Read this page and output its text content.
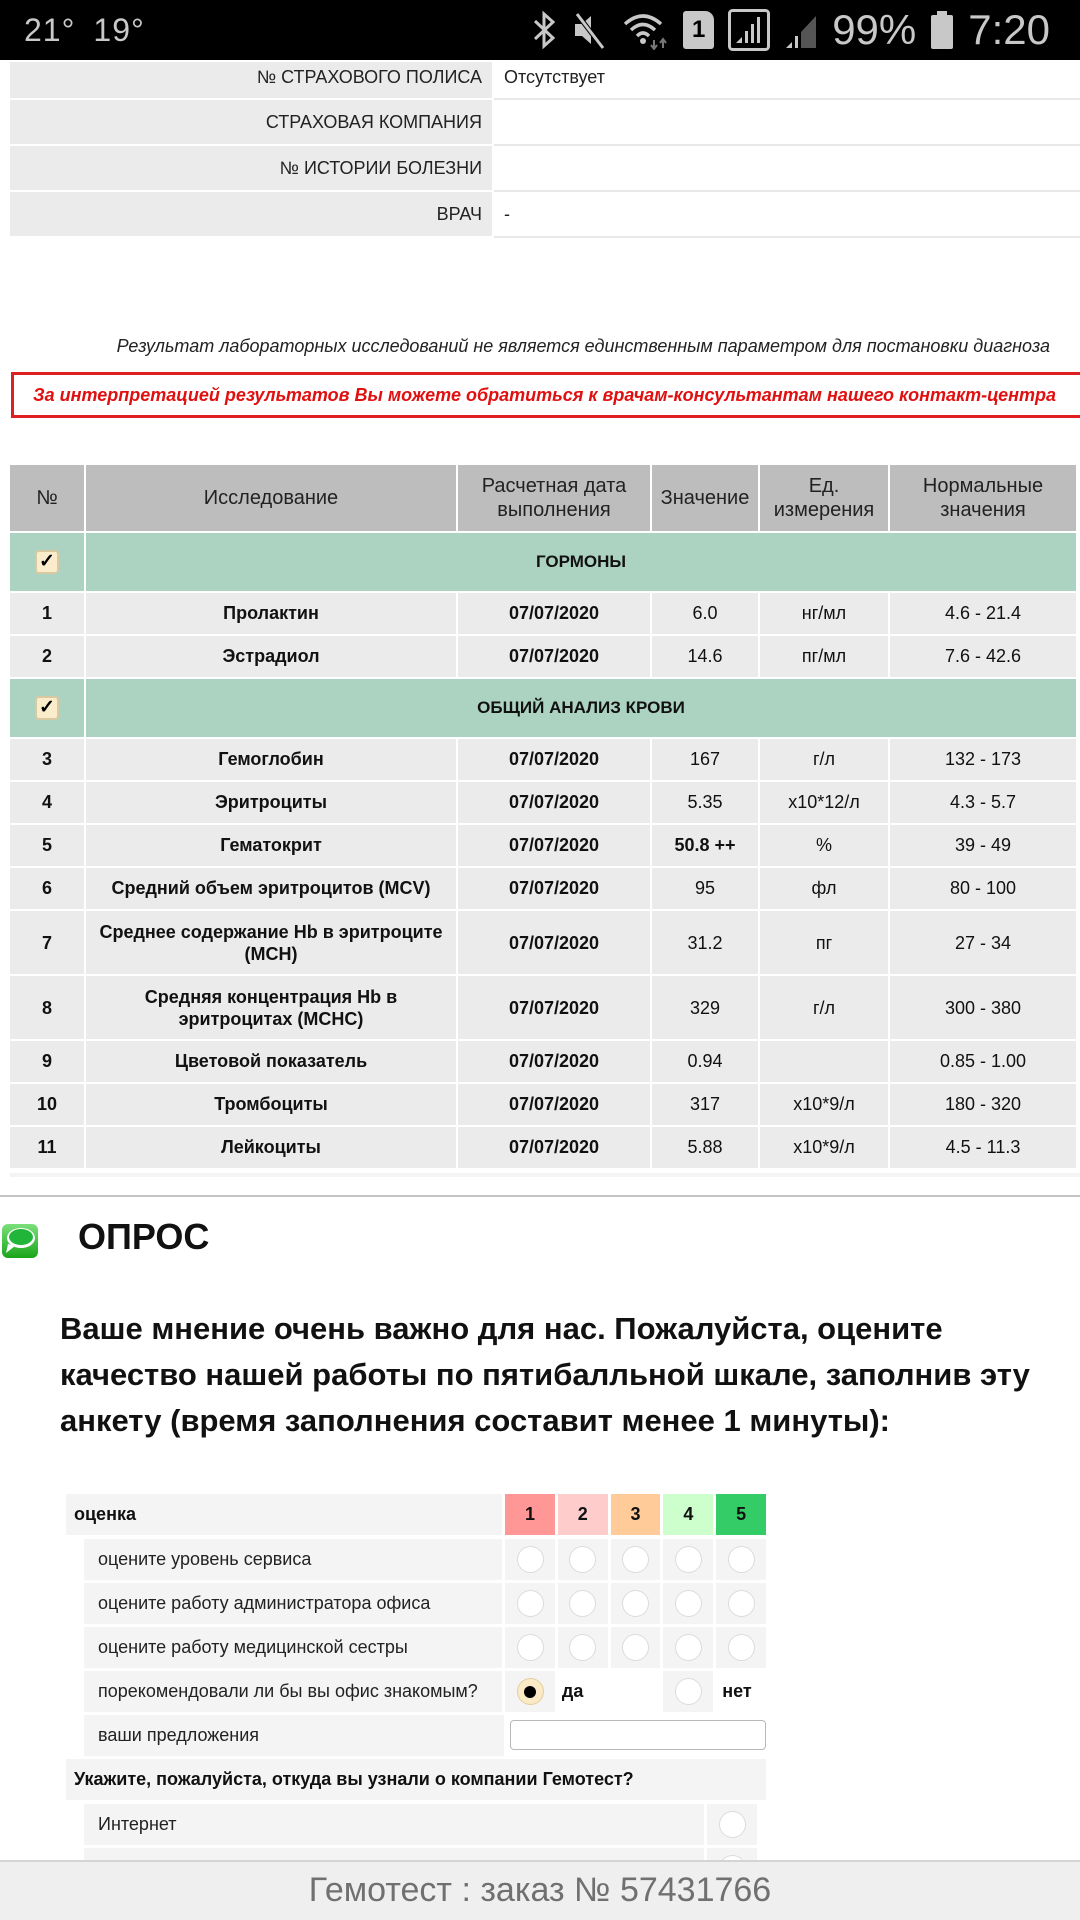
21° 19°	1	99% 7:20
№ СТРАХОВОГО ПОЛИСА	Отсутствует
СТРАХОВАЯ КОМПАНИЯ
№ ИСТОРИИ БОЛЕЗНИ
ВРАЧ	-
Результат лабораторных исследований не является единственным параметром для постановки диагноза
За интерпретацией результатов Вы можете обратиться к врачам-консультантам нашего контакт-центра
№	Исследование	Расчетная дата выполнения	Значение	Ед. измерения	Нормальные значения
✓	ГОРМОНЫ				
1	Пролактин	07/07/2020	6.0	нг/мл	4.6 - 21.4
2	Эстрадиол	07/07/2020	14.6	пг/мл	7.6 - 42.6
✓	ОБЩИЙ АНАЛИЗ КРОВИ				
3	Гемоглобин	07/07/2020	167	г/л	132 - 173
4	Эритроциты	07/07/2020	5.35	x10*12/л	4.3 - 5.7
5	Гематокрит	07/07/2020	50.8 ++	%	39 - 49
6	Средний объем эритроцитов (MCV)	07/07/2020	95	фл	80 - 100
7	Среднее содержание Hb в эритроците (MCH)	07/07/2020	31.2	пг	27 - 34
8	Средняя концентрация Hb в эритроцитах (MCHC)	07/07/2020	329	г/л	300 - 380
9	Цветовой показатель	07/07/2020	0.94		0.85 - 1.00
10	Тромбоциты	07/07/2020	317	x10*9/л	180 - 320
11	Лейкоциты	07/07/2020	5.88	x10*9/л	4.5 - 11.3
ОПРОС
Ваше мнение очень важно для нас. Пожалуйста, оцените качество нашей работы по пятибалльной шкале, заполнив эту анкету (время заполнения составит менее 1 минуты):
оценка	1	2	3	4	5
оцените уровень сервиса
оцените работу администратора офиса
оцените работу медицинской сестры
порекомендовали ли бы вы офис знакомым?	да	нет
ваши предложения
Укажите, пожалуйста, откуда вы узнали о компании Гемотест?
Интернет
Гемотест : заказ № 57431766
